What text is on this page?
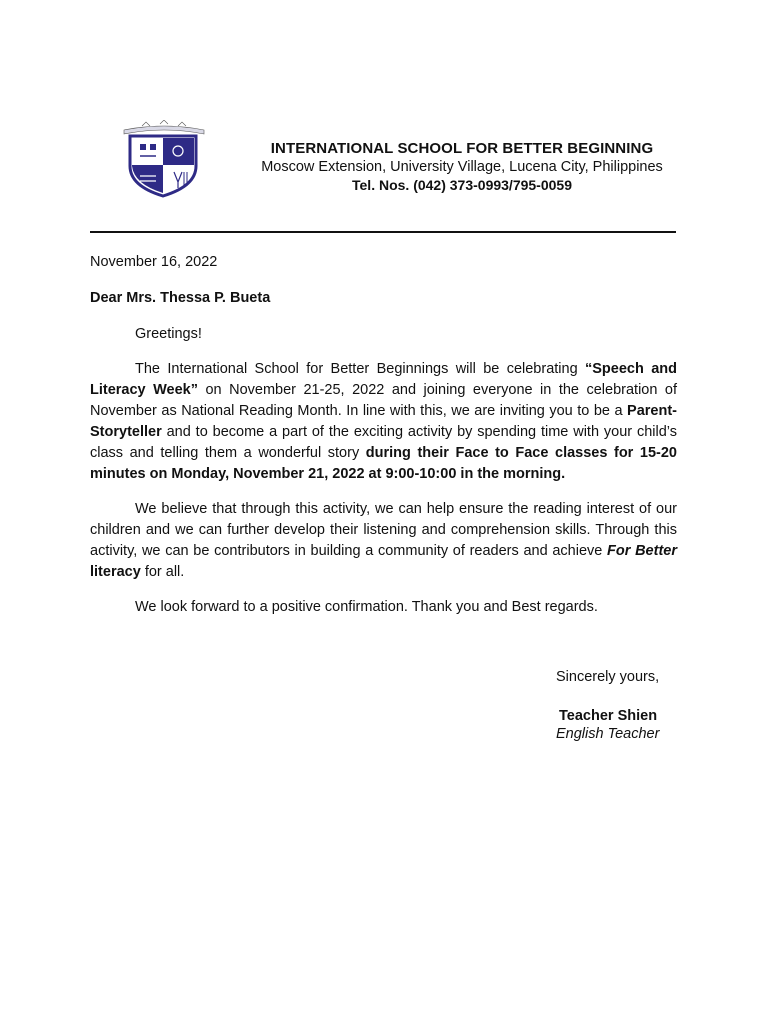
INTERNATIONAL SCHOOL FOR BETTER BEGINNING
Moscow Extension, University Village, Lucena City, Philippines
Tel. Nos. (042) 373-0993/795-0059

November 16, 2022

Dear Mrs. Thessa P. Bueta

Greetings!

The International School for Better Beginnings will be celebrating “Speech and Literacy Week” on November 21-25, 2022 and joining everyone in the celebration of November as National Reading Month. In line with this, we are inviting you to be a Parent-Storyteller and to become a part of the exciting activity by spending time with your child’s class and telling them a wonderful story during their Face to Face classes for 15-20 minutes on Monday, November 21, 2022 at 9:00-10:00 in the morning.

We believe that through this activity, we can help ensure the reading interest of our children and we can further develop their listening and comprehension skills. Through this activity, we can be contributors in building a community of readers and achieve For Better literacy for all.

We look forward to a positive confirmation. Thank you and Best regards.

Sincerely yours,
Teacher Shien
English Teacher
